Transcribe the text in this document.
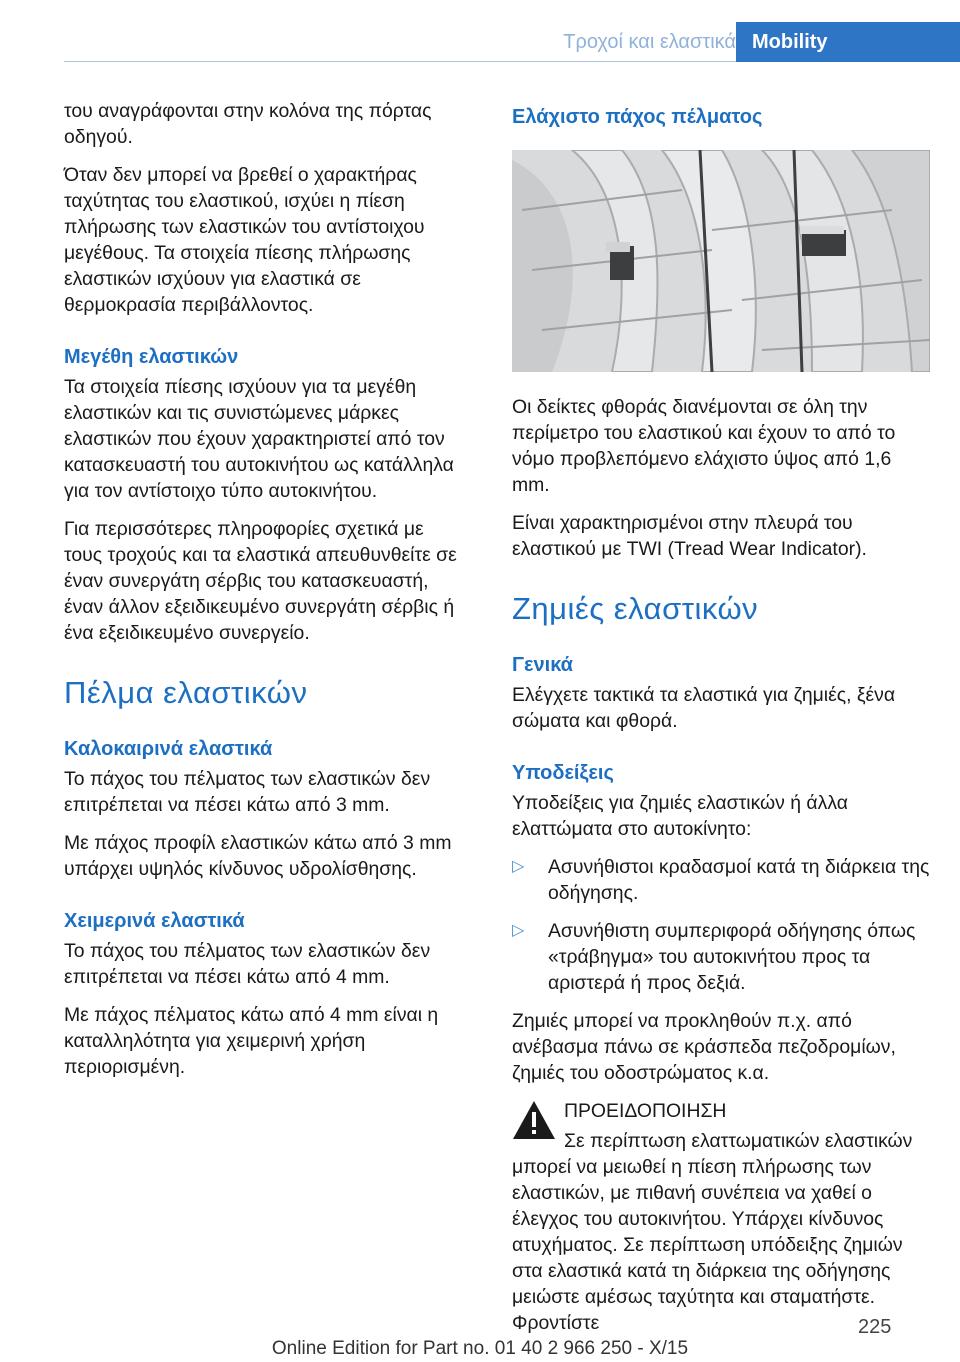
Τροχοί και ελαστικά Mobility

του αναγράφονται στην κολόνα της πόρτας οδηγού.

Όταν δεν μπορεί να βρεθεί ο χαρακτήρας ταχύτητας του ελαστικού, ισχύει η πίεση πλήρωσης των ελαστικών του αντίστοιχου μεγέθους. Τα στοιχεία πίεσης πλήρωσης ελαστικών ισχύουν για ελαστικά σε θερμοκρασία περιβάλλοντος.

Μεγέθη ελαστικών

Τα στοιχεία πίεσης ισχύουν για τα μεγέθη ελαστικών και τις συνιστώμενες μάρκες ελαστικών που έχουν χαρακτηριστεί από τον κατασκευαστή του αυτοκινήτου ως κατάλληλα για τον αντίστοιχο τύπο αυτοκινήτου.

Για περισσότερες πληροφορίες σχετικά με τους τροχούς και τα ελαστικά απευθυνθείτε σε έναν συνεργάτη σέρβις του κατασκευαστή, έναν άλλον εξειδικευμένο συνεργάτη σέρβις ή ένα εξειδικευμένο συνεργείο.

Πέλμα ελαστικών
Καλοκαιρινά ελαστικά

Το πάχος του πέλματος των ελαστικών δεν επιτρέπεται να πέσει κάτω από 3 mm.

Με πάχος προφίλ ελαστικών κάτω από 3 mm υπάρχει υψηλός κίνδυνος υδρολίσθησης.

Χειμερινά ελαστικά

Το πάχος του πέλματος των ελαστικών δεν επιτρέπεται να πέσει κάτω από 4 mm.

Με πάχος πέλματος κάτω από 4 mm είναι η καταλληλότητα για χειμερινή χρήση περιορισμένη.

Ελάχιστο πάχος πέλματος

Οι δείκτες φθοράς διανέμονται σε όλη την περίμετρο του ελαστικού και έχουν το από το νόμο προβλεπόμενο ελάχιστο ύψος από 1,6 mm.

Είναι χαρακτηρισμένοι στην πλευρά του ελαστικού με TWI (Tread Wear Indicator).

Ζημιές ελαστικών
Γενικά

Ελέγχετε τακτικά τα ελαστικά για ζημιές, ξένα σώματα και φθορά.

Υποδείξεις

Υποδείξεις για ζημιές ελαστικών ή άλλα ελαττώματα στο αυτοκίνητο:

▷ Ασυνήθιστοι κραδασμοί κατά τη διάρκεια της οδήγησης.
▷ Ασυνήθιστη συμπεριφορά οδήγησης όπως «τράβηγμα» του αυτοκινήτου προς τα αριστερά ή προς δεξιά.

Ζημιές μπορεί να προκληθούν π.χ. από ανέβασμα πάνω σε κράσπεδα πεζοδρομίων, ζημιές του οδοστρώματος κ.α.

ΠΡΟΕΙΔΟΠΟΙΗΣΗ
Σε περίπτωση ελαττωματικών ελαστικών μπορεί να μειωθεί η πίεση πλήρωσης των ελαστικών, με πιθανή συνέπεια να χαθεί ο έλεγχος του αυτοκινήτου. Υπάρχει κίνδυνος ατυχήματος. Σε περίπτωση υπόδειξης ζημιών στα ελαστικά κατά τη διάρκεια της οδήγησης μειώστε αμέσως ταχύτητα και σταματήστε. Φροντίστε	225
Online Edition for Part no. 01 40 2 966 250 - X/15
